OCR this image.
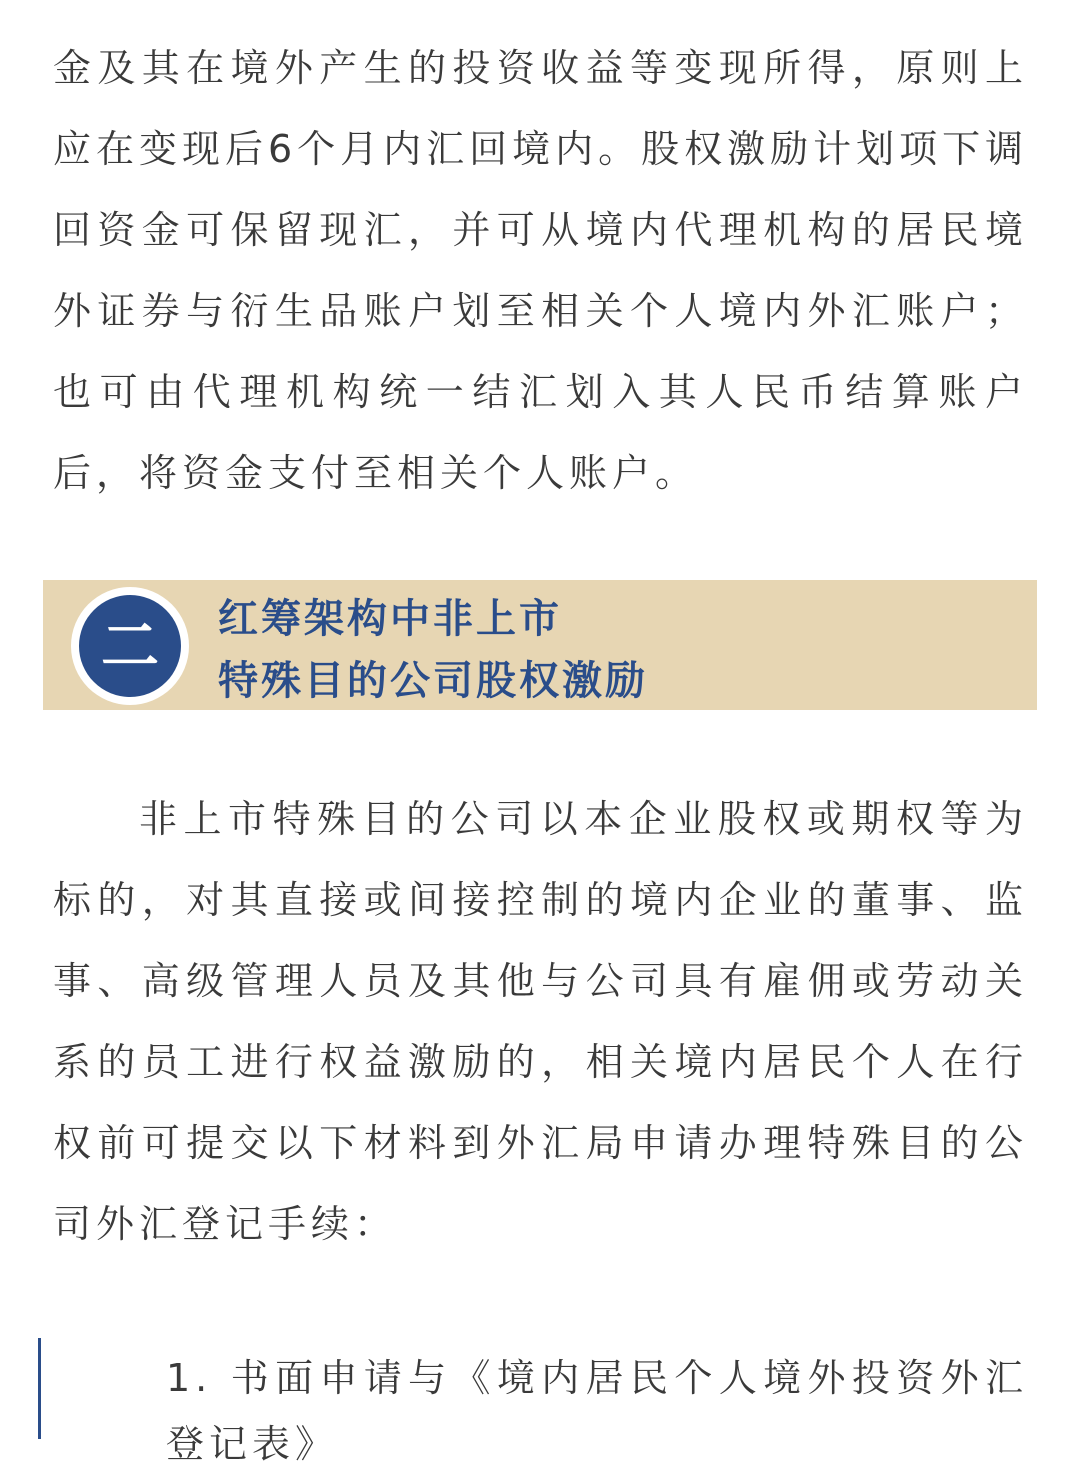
金及其在境外产生的投资收益等变现所得，原则上
应在变现后6个月内汇回境内。股权激励计划项下调
回资金可保留现汇，并可从境内代理机构的居民境
外证券与衍生品账户划至相关个人境内外汇账户；
也可由代理机构统一结汇划入其人民币结算账户
后，将资金支付至相关个人账户。
二	红筹架构中非上市
特殊目的公司股权激励
非上市特殊目的公司以本企业股权或期权等为
标的，对其直接或间接控制的境内企业的董事、监
事、高级管理人员及其他与公司具有雇佣或劳动关
系的员工进行权益激励的，相关境内居民个人在行
权前可提交以下材料到外汇局申请办理特殊目的公
司外汇登记手续：
1. 书面申请与《境内居民个人境外投资外汇
登记表》
